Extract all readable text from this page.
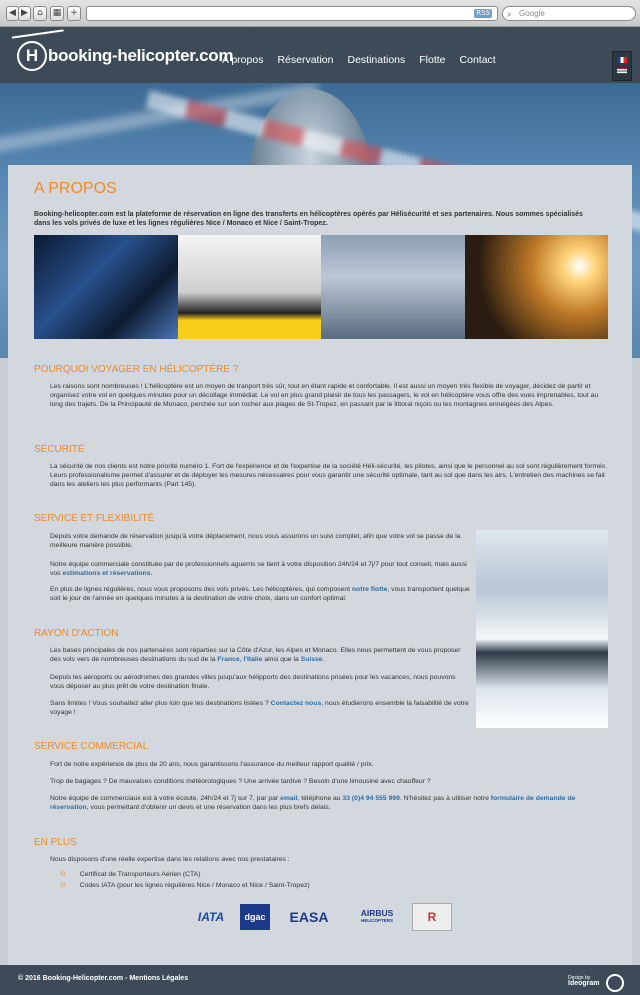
◀ ▶	⌂	▦ +	RSS ⌕ Google
H booking-helicopter.com
A propos Réservation Destinations Flotte Contact
A PROPOS
Booking-helicopter.com est la plateforme de réservation en ligne des transferts en hélicoptères opérés par Hélisécurité et ses partenaires. Nous sommes spécialisés dans les vols privés de luxe et les lignes régulières Nice / Monaco et Nice / Saint-Tropez.
POURQUOI VOYAGER EN HÉLICOPTÈRE ?
Les raisons sont nombreuses ! L'hélicoptère est un moyen de tranport très sûr, tout en étant rapide et confortable. Il est aussi un moyen très flexible de voyager, décidez de partir et organisez votre vol en quelques minutes pour un décollage immédiat. Le vol en plus grand plaisir de tous les passagers, le vol en hélicoptère vous offre des vues imprenables, tout au long des trajets. De la Principauté de Monaco, perchée sur son rocher aux plages de St-Tropez, en passant par le littoral niçois ou les montagnes enneigées des Alpes.
SÉCURITÉ
La sécurité de nos clients est notre priorité numéro 1. Fort de l'expérience et de l'expertise de la société Héli-sécurité, les pilotes, ainsi que le personnel au sol sont régulièrement formés. Leurs professionalisme permet d'assurer et de déployer les mesures nécessaires pour vous garantir une sécurité optimale, tant au sol que dans les airs. L'entretien des machines se fait dans les ateliers les plus performants (Part 145).
SERVICE ET FLEXIBILITÉ
Depuis votre demande de réservation jusqu'à votre déplacement, nous vous assurons un suivi complet, afin que votre vol se passe de la meilleure manière possible.
Notre équipe commerciale constituée par de professionnels aguerris se tient à votre disposition 24h/24 et 7j/7 pour tout conseil, mais aussi vos estimations et réservations.
En plus de lignes régulières, nous vous proposons des vols privés. Les hélicoptères, qui composent notre flotte, vous transportent quelque soit le jour de l'année en quelques minutes à la destination de votre choix, dans un confort optimal.
RAYON D'ACTION
Les bases principales de nos partenaires sont réparties sur la Côte d'Azur, les Alpes et Monaco. Elles nous permettent de vous proposer des vols vers de nombreuses destinations du sud de la France, l'Italie ainsi que la Suisse.
Depuis les aéroports ou aérodromes des grandes villes jusqu'aux hélipports des destinations prisées pour les vacances, nous pouvons vous déposer au plus prêt de votre destination finale.
Sans limites ! Vous souhaitez aller plus loin que les destinations listées ? Contactez nous, nous étudierons ensemble la faisabilité de votre voyage !
SERVICE COMMERCIAL
Fort de notre expérience de plus de 20 ans, nous garantissons l'assurance du meilleur rapport qualité / prix.
Trop de bagages ? De mauvaises conditions météorologiques ? Une arrivée tardive ? Besoin d'une limousine avec chauffeur ?
Notre équipe de commerciaux est à votre écoute, 24h/24 et 7j sur 7, par par email, téléphone au 33 (0)4 94 555 999. N'hésitez pas à utiliser notre formulaire de demande de réservation, vous permettant d'obtenir un devis et une réservation dans les plus brefs délais.
EN PLUS
Nous disposons d'une réelle expertise dans les relations avec nos prestataires :
⊙ Certificat de Transporteurs Aérien (CTA)
⊙ Codes IATA (pour les lignes régulières Nice / Monaco et Nice / Saint-Tropez)
IATA	dgac	EASA	AIRBUS
HELICOPTERS	R
© 2016 Booking-Helicopter.com - Mentions Légales	Design by
Ideogram
